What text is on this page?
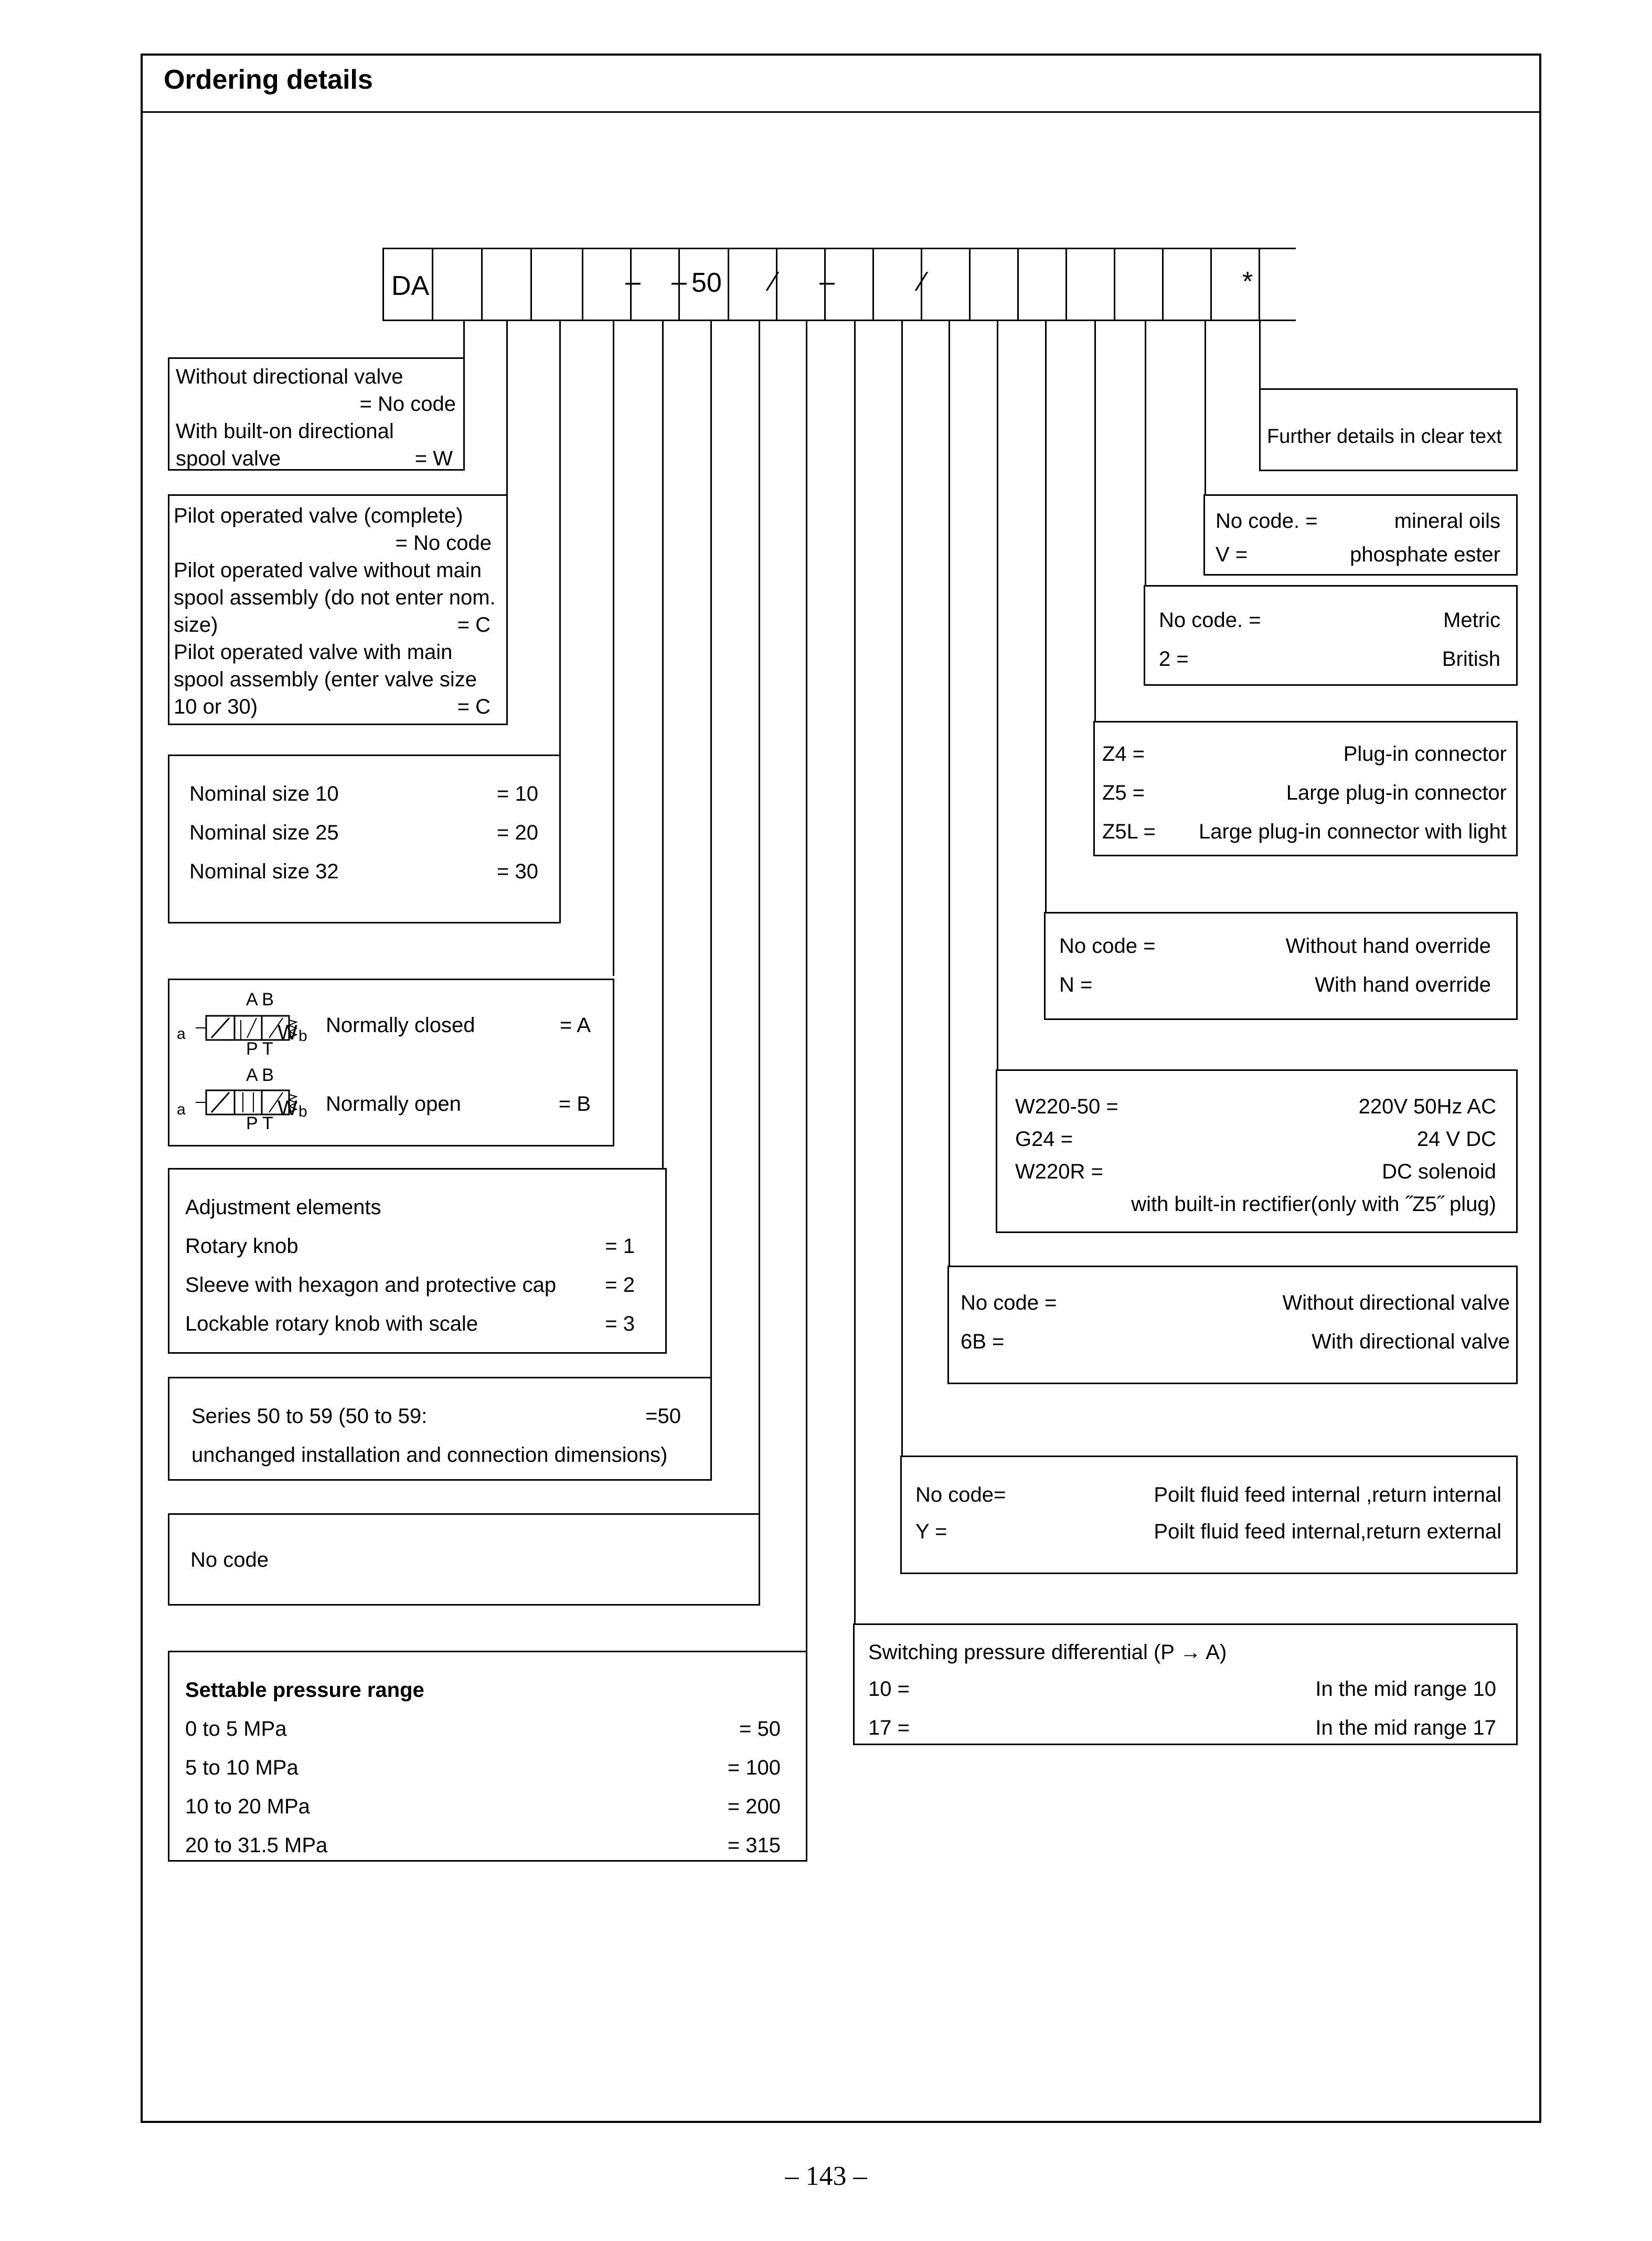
Ordering details
DA	– – 50 ⁄ –	⁄	*
Without directional valve
= No code
With built-on directional
spool valve	= W
Pilot operated valve (complete)
= No code
Pilot operated valve without main
spool assembly (do not enter nom.
size)	= C
Pilot operated valve with main
spool assembly (enter valve size
10 or 30)	= C
Nominal size 10	= 10
Nominal size 25	= 20
Nominal size 32	= 30
A B
P T
a	W b Normally closed	= A
A B
P T
a	W b Normally open	= B
Adjustment elements
Rotary knob	= 1
Sleeve with hexagon and protective cap = 2
Lockable rotary knob with scale	= 3
Series 50 to 59 (50 to 59:	=50
unchanged installation and connection dimensions)
No code
Settable pressure range
0 to 5 MPa	= 50
5 to 10 MPa	= 100
10 to 20 MPa	= 200
20 to 31.5 MPa	= 315
Further details in clear text
No code. =	mineral oils
V =	phosphate ester
No code. =	Metric
2 =	British
Z4 =	Plug-in connector
Z5 =	Large plug-in connector
Z5L = Large plug-in connector with light
No code =	Without hand override
N =	With hand override
W220-50 =	220V 50Hz AC
G24 =	24 V DC
W220R =	DC solenoid
with built-in rectifier(only with ˝Z5˝ plug)
No code =	Without directional valve
6B =	With directional valve
No code=	Poilt fluid feed internal ,return internal
Y =	Poilt fluid feed internal,return external
Switching pressure differential (P → A)
10 =	In the mid range 10
17 =	In the mid range 17
– 143 –
